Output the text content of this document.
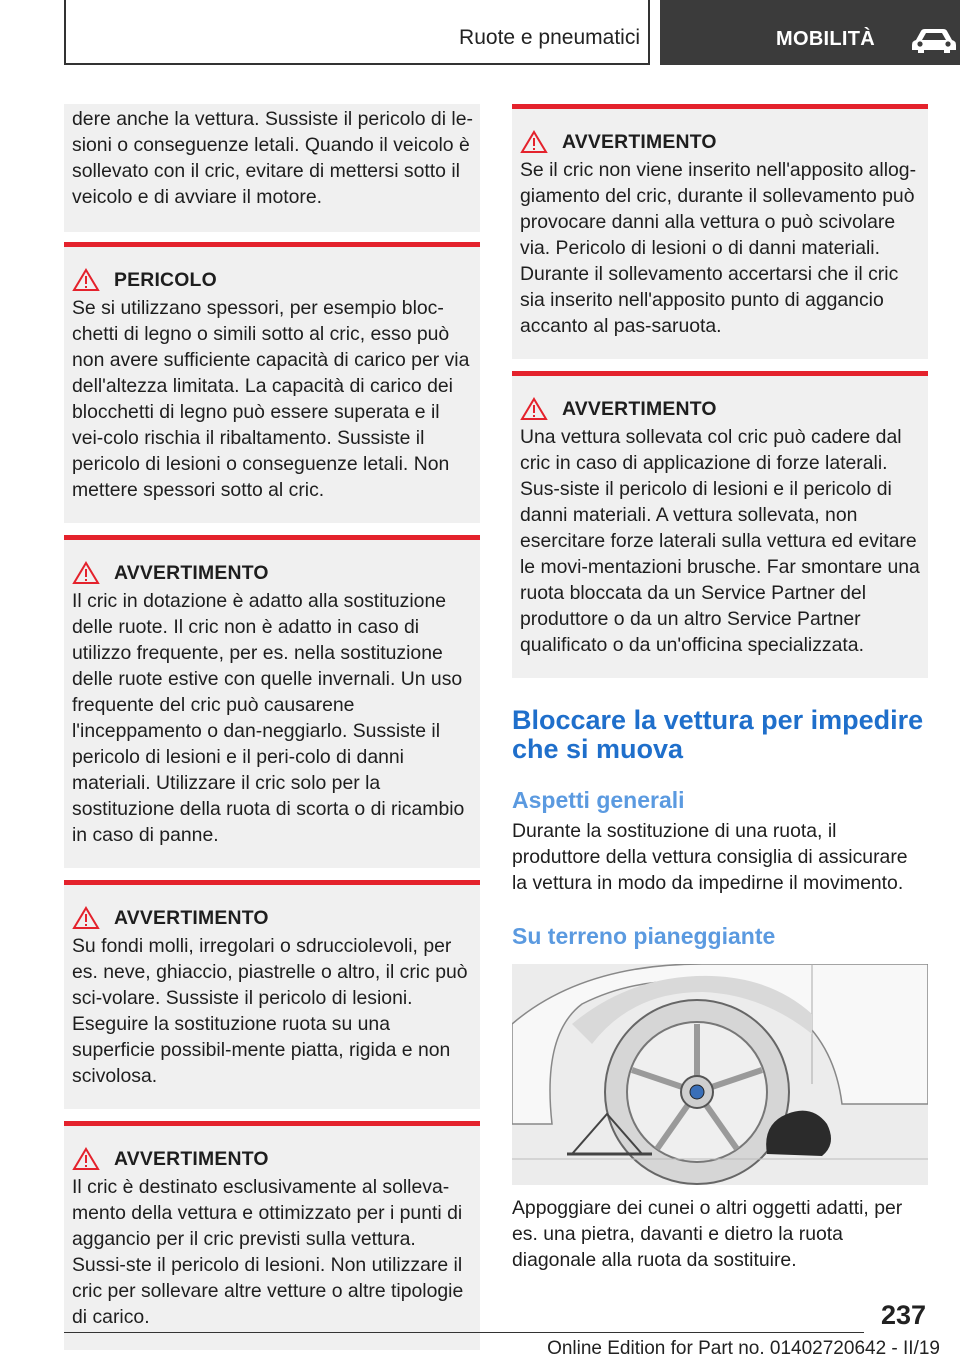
Ruote e pneumatici	MOBILITÀ

dere anche la vettura. Sussiste il pericolo di le-sioni o conseguenze letali. Quando il veicolo è sollevato con il cric, evitare di mettersi sotto il veicolo e di avviare il motore.

PERICOLO

Se si utilizzano spessori, per esempio bloc-chetti di legno o simili sotto al cric, esso può non avere sufficiente capacità di carico per via dell'altezza limitata. La capacità di carico dei blocchetti di legno può essere superata e il vei-colo rischia il ribaltamento. Sussiste il pericolo di lesioni o conseguenze letali. Non mettere spessori sotto al cric.

AVVERTIMENTO

Il cric in dotazione è adatto alla sostituzione delle ruote. Il cric non è adatto in caso di utilizzo frequente, per es. nella sostituzione delle ruote estive con quelle invernali. Un uso frequente del cric può causarene l'inceppamento o dan-neggiarlo. Sussiste il pericolo di lesioni e il peri-colo di danni materiali. Utilizzare il cric solo per la sostituzione della ruota di scorta o di ricambio in caso di panne.

AVVERTIMENTO

Su fondi molli, irregolari o sdrucciolevoli, per es. neve, ghiaccio, piastrelle o altro, il cric può sci-volare. Sussiste il pericolo di lesioni. Eseguire la sostituzione ruota su una superficie possibil-mente piatta, rigida e non scivolosa.

AVVERTIMENTO

Il cric è destinato esclusivamente al solleva-mento della vettura e ottimizzato per i punti di aggancio per il cric previsti sulla vettura. Sussi-ste il pericolo di lesioni. Non utilizzare il cric per sollevare altre vetture o altre tipologie di carico.

AVVERTIMENTO

Se il cric non viene inserito nell'apposito allog-giamento del cric, durante il sollevamento può provocare danni alla vettura o può scivolare via. Pericolo di lesioni o di danni materiali. Durante il sollevamento accertarsi che il cric sia inserito nell'apposito punto di aggancio accanto al pas-saruota.

AVVERTIMENTO

Una vettura sollevata col cric può cadere dal cric in caso di applicazione di forze laterali. Sus-siste il pericolo di lesioni e il pericolo di danni materiali. A vettura sollevata, non esercitare forze laterali sulla vettura ed evitare le movi-mentazioni brusche. Far smontare una ruota bloccata da un Service Partner del produttore o da un altro Service Partner qualificato o da un'officina specializzata.

Bloccare la vettura per impedire che si muova
Aspetti generali

Durante la sostituzione di una ruota, il produttore della vettura consiglia di assicurare la vettura in modo da impedirne il movimento.

Su terreno pianeggiante

Appoggiare dei cunei o altri oggetti adatti, per es. una pietra, davanti e dietro la ruota diagonale alla ruota da sostituire.

237
Online Edition for Part no. 01402720642 - II/19
